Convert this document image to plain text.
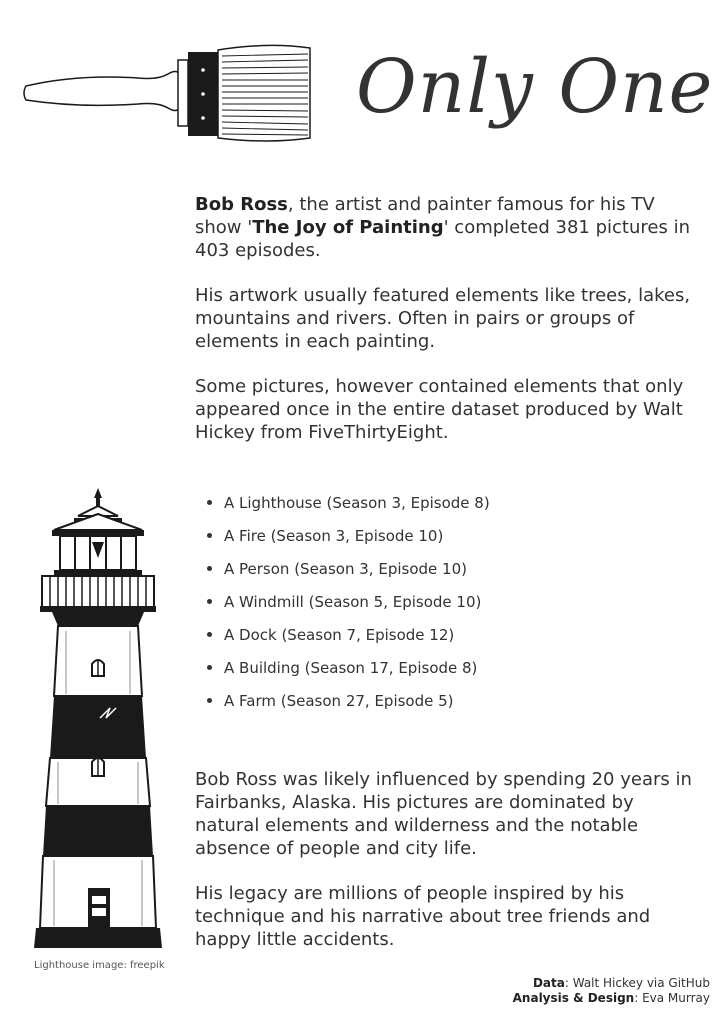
Only One

Bob Ross, the artist and painter famous for his TV show 'The Joy of Painting' completed 381 pictures in 403 episodes.

His artwork usually featured elements like trees, lakes, mountains and rivers. Often in pairs or groups of elements in each painting.

Some pictures, however contained elements that only appeared once in the entire dataset produced by Walt Hickey from FiveThirtyEight.

Lighthouse image: freepik
A Lighthouse (Season 3, Episode 8)
A Fire (Season 3, Episode 10)
A Person (Season 3, Episode 10)
A Windmill (Season 5, Episode 10)
A Dock (Season 7, Episode 12)
A Building (Season 17, Episode 8)
A Farm (Season 27, Episode 5)

Bob Ross was likely influenced by spending 20 years in Fairbanks, Alaska. His pictures are dominated by natural elements and wilderness and the notable absence of people and city life.

His legacy are millions of people inspired by his technique and his narrative about tree friends and happy little accidents.

Data: Walt Hickey via GitHub
Analysis & Design: Eva Murray
